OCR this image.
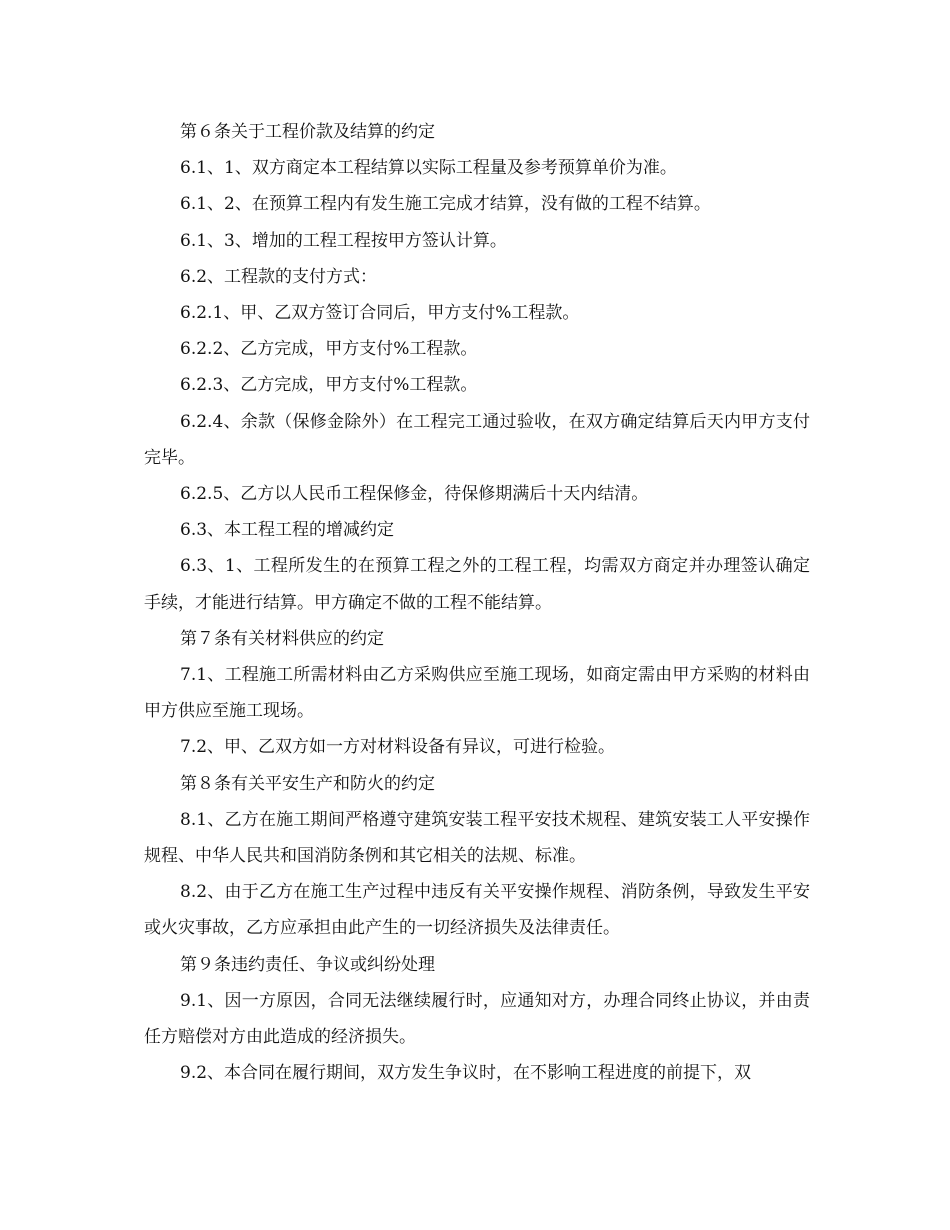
第６条关于工程价款及结算的约定

6.1、1、双方商定本工程结算以实际工程量及参考预算单价为准。

6.1、2、在预算工程内有发生施工完成才结算，没有做的工程不结算。

6.1、3、增加的工程工程按甲方签认计算。

6.2、工程款的支付方式：

6.2.1、甲、乙双方签订合同后，甲方支付%工程款。

6.2.2、乙方完成，甲方支付%工程款。

6.2.3、乙方完成，甲方支付%工程款。

6.2.4、余款（保修金除外）在工程完工通过验收，在双方确定结算后天内甲方支付完毕。

6.2.5、乙方以人民币工程保修金，待保修期满后十天内结清。

6.3、本工程工程的增减约定

6.3、1、工程所发生的在预算工程之外的工程工程，均需双方商定并办理签认确定手续，才能进行结算。甲方确定不做的工程不能结算。

第７条有关材料供应的约定

7.1、工程施工所需材料由乙方采购供应至施工现场，如商定需由甲方采购的材料由甲方供应至施工现场。

7.2、甲、乙双方如一方对材料设备有异议，可进行检验。

第８条有关平安生产和防火的约定

8.1、乙方在施工期间严格遵守建筑安装工程平安技术规程、建筑安装工人平安操作规程、中华人民共和国消防条例和其它相关的法规、标准。

8.2、由于乙方在施工生产过程中违反有关平安操作规程、消防条例，导致发生平安或火灾事故，乙方应承担由此产生的一切经济损失及法律责任。

第９条违约责任、争议或纠纷处理

9.1、因一方原因，合同无法继续履行时，应通知对方，办理合同终止协议，并由责任方赔偿对方由此造成的经济损失。

9.2、本合同在履行期间，双方发生争议时，在不影响工程进度的前提下，双
